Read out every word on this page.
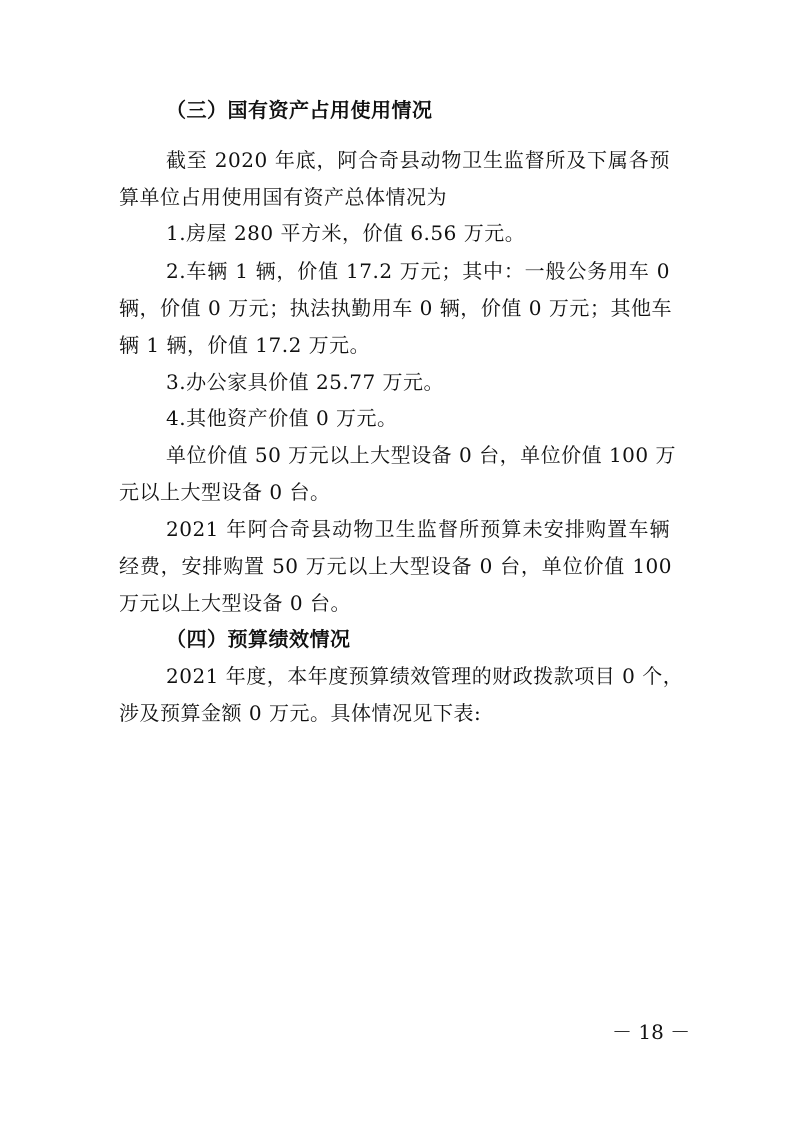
（三）国有资产占用使用情况
截至 2020 年底，阿合奇县动物卫生监督所及下属各预
算单位占用使用国有资产总体情况为
1.房屋 280 平方米，价值 6.56 万元。
2.车辆 1 辆，价值 17.2 万元；其中：一般公务用车 0
辆，价值 0 万元；执法执勤用车 0 辆，价值 0 万元；其他车
辆 1 辆，价值 17.2 万元。
3.办公家具价值 25.77 万元。
4.其他资产价值 0 万元。
单位价值 50 万元以上大型设备 0 台，单位价值 100 万
元以上大型设备 0 台。
2021 年阿合奇县动物卫生监督所预算未安排购置车辆
经费，安排购置 50 万元以上大型设备 0 台，单位价值 100
万元以上大型设备 0 台。
（四）预算绩效情况
2021 年度，本年度预算绩效管理的财政拨款项目 0 个，
涉及预算金额 0 万元。具体情况见下表:
－ 18 －
